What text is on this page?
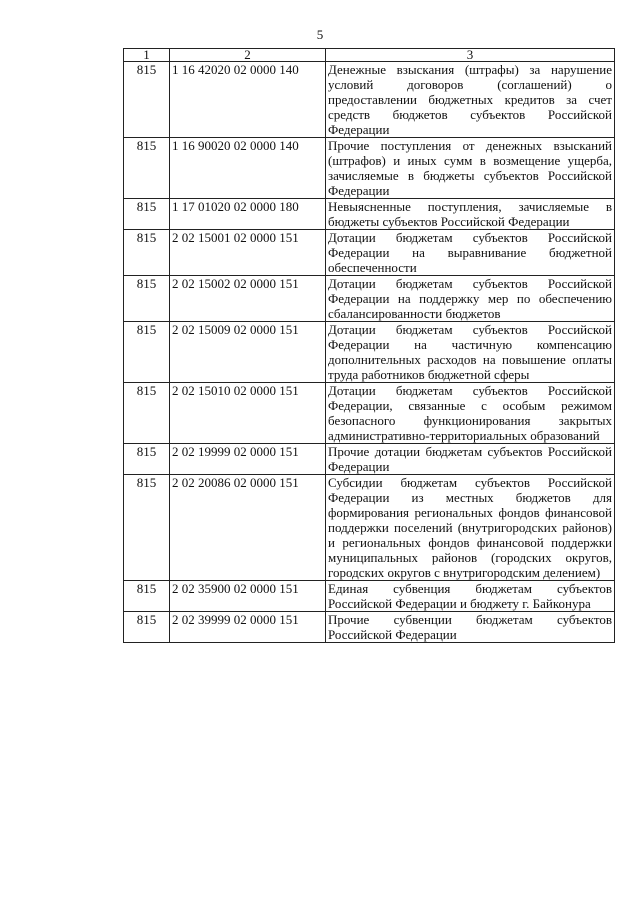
5
1	2	3
815	1 16 42020 02 0000 140	Денежные взыскания (штрафы) за нарушение условий договоров (соглашений) о предоставлении бюджетных кредитов за счет средств бюджетов субъектов Российской Федерации
815	1 16 90020 02 0000 140	Прочие поступления от денежных взысканий (штрафов) и иных сумм в возмещение ущерба, зачисляемые в бюджеты субъектов Российской Федерации
815	1 17 01020 02 0000 180	Невыясненные поступления, зачисляемые в бюджеты субъектов Российской Федерации
815	2 02 15001 02 0000 151	Дотации бюджетам субъектов Российской Федерации на выравнивание бюджетной обеспеченности
815	2 02 15002 02 0000 151	Дотации бюджетам субъектов Российской Федерации на поддержку мер по обеспечению сбалансированности бюджетов
815	2 02 15009 02 0000 151	Дотации бюджетам субъектов Российской Федерации на частичную компенсацию дополнительных расходов на повышение оплаты труда работников бюджетной сферы
815	2 02 15010 02 0000 151	Дотации бюджетам субъектов Российской Федерации, связанные с особым режимом безопасного функционирования закрытых административно-территориальных образований
815	2 02 19999 02 0000 151	Прочие дотации бюджетам субъектов Российской Федерации
815	2 02 20086 02 0000 151	Субсидии бюджетам субъектов Российской Федерации из местных бюджетов для формирования региональных фондов финансовой поддержки поселений (внутригородских районов) и региональных фондов финансовой поддержки муниципальных районов (городских округов, городских округов с внутригородским делением)
815	2 02 35900 02 0000 151	Единая субвенция бюджетам субъектов Российской Федерации и бюджету г. Байконура
815	2 02 39999 02 0000 151	Прочие субвенции бюджетам субъектов Российской Федерации
